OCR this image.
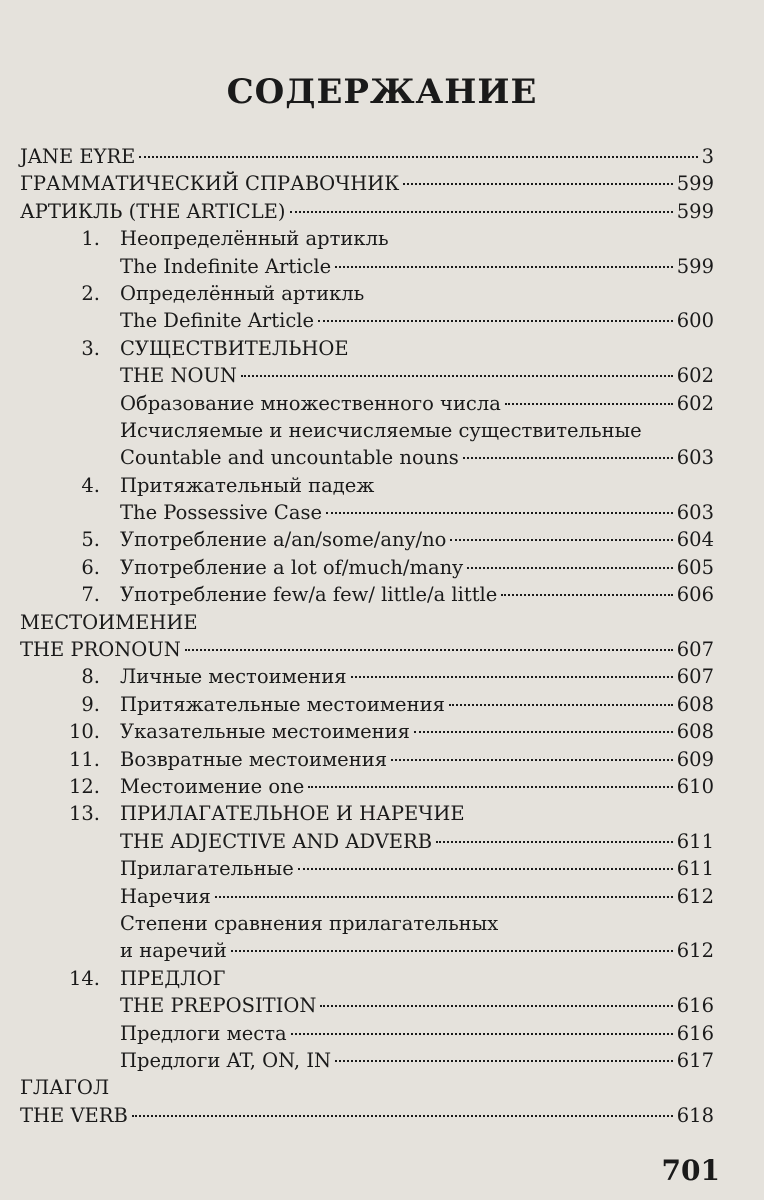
СОДЕРЖАНИЕ
JANE EYRE	3
ГРАММАТИЧЕСКИЙ СПРАВОЧНИК	599
АРТИКЛЬ (THE ARTICLE)	599
1. Неопределённый артикль
The Indefinite Article	599
2. Определённый артикль
The Definite Article	600
3. СУЩЕСТВИТЕЛЬНОЕ
THE NOUN	602
Образование множественного числа	602
Исчисляемые и неисчисляемые существительные
Countable and uncountable nouns	603
4. Притяжательный падеж
The Possessive Case	603
5. Употребление a/an/some/any/no	604
6. Употребление a lot of/much/many	605
7. Употребление few/a few/ little/a little	606
МЕСТОИМЕНИЕ
THE PRONOUN	607
8. Личные местоимения	607
9. Притяжательные местоимения	608
10. Указательные местоимения	608
11. Возвратные местоимения	609
12. Местоимение one	610
13. ПРИЛАГАТЕЛЬНОЕ И НАРЕЧИЕ
THE ADJECTIVE AND ADVERB	611
Прилагательные	611
Наречия	612
Степени сравнения прилагательных
и наречий	612
14. ПРЕДЛОГ
THE PREPOSITION	616
Предлоги места	616
Предлоги AT, ON, IN	617
ГЛАГОЛ
THE VERB	618
701
